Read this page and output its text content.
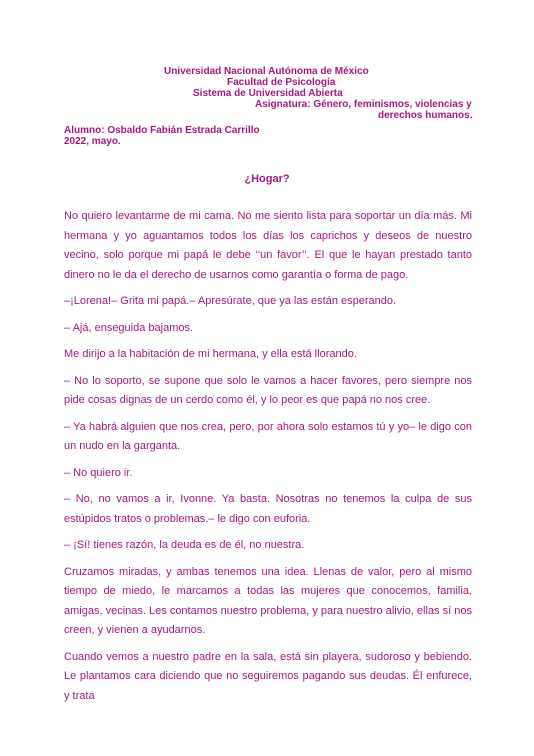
Universidad Nacional Autónoma de México
Facultad de Psicología
Sistema de Universidad Abierta
Asignatura: Género, feminismos, violencias y
derechos humanos.
Alumno: Osbaldo Fabián Estrada Carrillo
2022, mayo.
¿Hogar?

No quiero levantarme de mi cama. No me siento lista para soportar un día más. Mi hermana y yo aguantamos todos los días los caprichos y deseos de nuestro vecino, solo porque mi papá le debe ‘‘un favor’’. El que le hayan prestado tanto dinero no le da el derecho de usarnos como garantía o forma de pago.

–¡Lorena!– Grita mi papá.– Apresúrate, que ya las están esperando.

– Ajá, enseguida bajamos.

Me dirijo a la habitación de mi hermana, y ella está llorando.

– No lo soporto, se supone que solo le vamos a hacer favores, pero siempre nos pide cosas dignas de un cerdo como él, y lo peor es que papá no nos cree.

– Ya habrá alguien que nos crea, pero, por ahora solo estamos tú y yo– le digo con un nudo en la garganta.

– No quiero ir.

– No, no vamos a ir, Ivonne. Ya basta. Nosotras no tenemos la culpa de sus estúpidos tratos o problemas.– le digo con euforia.

– ¡Sí! tienes razón, la deuda es de él, no nuestra.

Cruzamos miradas, y ambas tenemos una idea. Llenas de valor, pero al mismo tiempo de miedo, le marcamos a todas las mujeres que conocemos, familia, amigas, vecinas. Les contamos nuestro problema, y para nuestro alivio, ellas sí nos creen, y vienen a ayudarnos.

Cuando vemos a nuestro padre en la sala, está sin playera, sudoroso y bebiendo. Le plantamos cara diciendo que no seguiremos pagando sus deudas. Él enfurece, y trata
